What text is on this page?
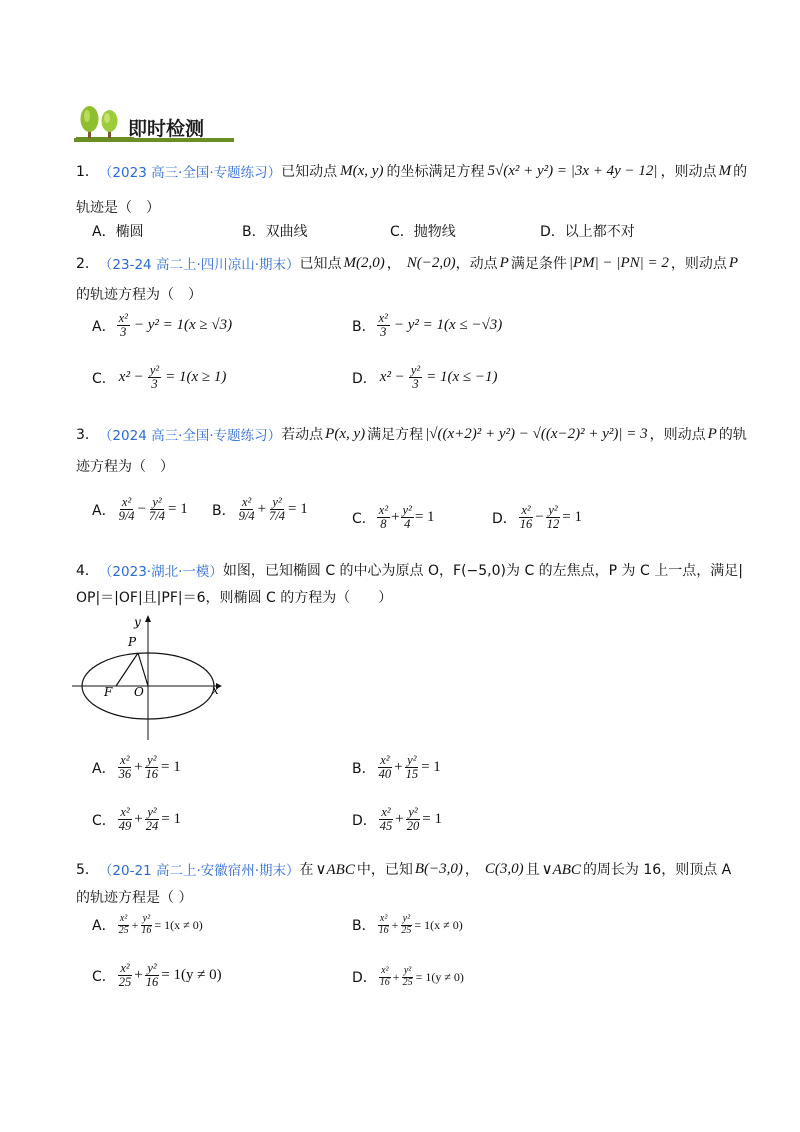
即时检测
1． （2023 高三·全国·专题练习） 已知动点 M(x, y) 的坐标满足方程 5√(x² + y²) = |3x + 4y − 12| ，则动点 M 的
轨迹是（　）
A．椭圆	B．双曲线	C．抛物线	D．以上都不对
2． （23-24 高二上·四川凉山·期末） 已知点 M(2,0) ， N(−2,0) ，动点 P 满足条件 |PM| − |PN| = 2 ，则动点 P
的轨迹方程为（　）
A． $\frac{\text{x²}}{3} - y^2 = 1(x \ge √3)$	B． $\frac{\text{x²}}{3} - y^2 = 1(x \le -√3)$
C． $x^2 - \frac{\text{y²}}{3} = 1(x \ge 1)$	D． $x^2 - \frac{\text{y²}}{3} = 1(x \le -1)$
3． （2024 高三·全国·专题练习） 若动点 P(x, y) 满足方程 |√((x+2)² + y²) − √((x−2)² + y²)| = 3 ，则动点 P 的轨
迹方程为（　）
A． $\frac{\text{x²}}{9/4} - \frac{\text{y²}}{7/4} = 1$ B． $\frac{\text{x²}}{9/4} + \frac{\text{y²}}{7/4} = 1$
C． $\frac{\text{x²}}{8} + \frac{\text{y²}}{4} = 1$	D． $\frac{\text{x²}}{16} - \frac{\text{y²}}{12} = 1$
4． （2023·湖北·一模） 如图，已知椭圆 C 的中心为原点 O，F(−5,0)为 C 的左焦点，P 为 C 上一点，满足|
OP|＝|OF|且|PF|＝6，则椭圆 C 的方程为（　　）
y
x
P
F O
A． $\frac{\text{x²}}{36} + \frac{\text{y²}}{16} = 1$	B． $\frac{\text{x²}}{40} + \frac{\text{y²}}{15} = 1$
C． $\frac{\text{x²}}{49} + \frac{\text{y²}}{24} = 1$	D． $\frac{\text{x²}}{45} + \frac{\text{y²}}{20} = 1$
5． （20-21 高二上·安徽宿州·期末） 在 ∨ABC 中，已知 B(−3,0) ， C(3,0) 且 ∨ABC 的周长为 16，则顶点 A
的轨迹方程是（ ）
A． $\frac{\text{x²}}{25} + \frac{\text{y²}}{16} = 1(x \ne 0)$	B． $\frac{\text{x²}}{16} + \frac{\text{y²}}{25} = 1(x \ne 0)$
C． $\frac{\text{x²}}{25} + \frac{\text{y²}}{16} = 1(y \ne 0)$	D． $\frac{\text{x²}}{16} + \frac{\text{y²}}{25} = 1(y \ne 0)$
